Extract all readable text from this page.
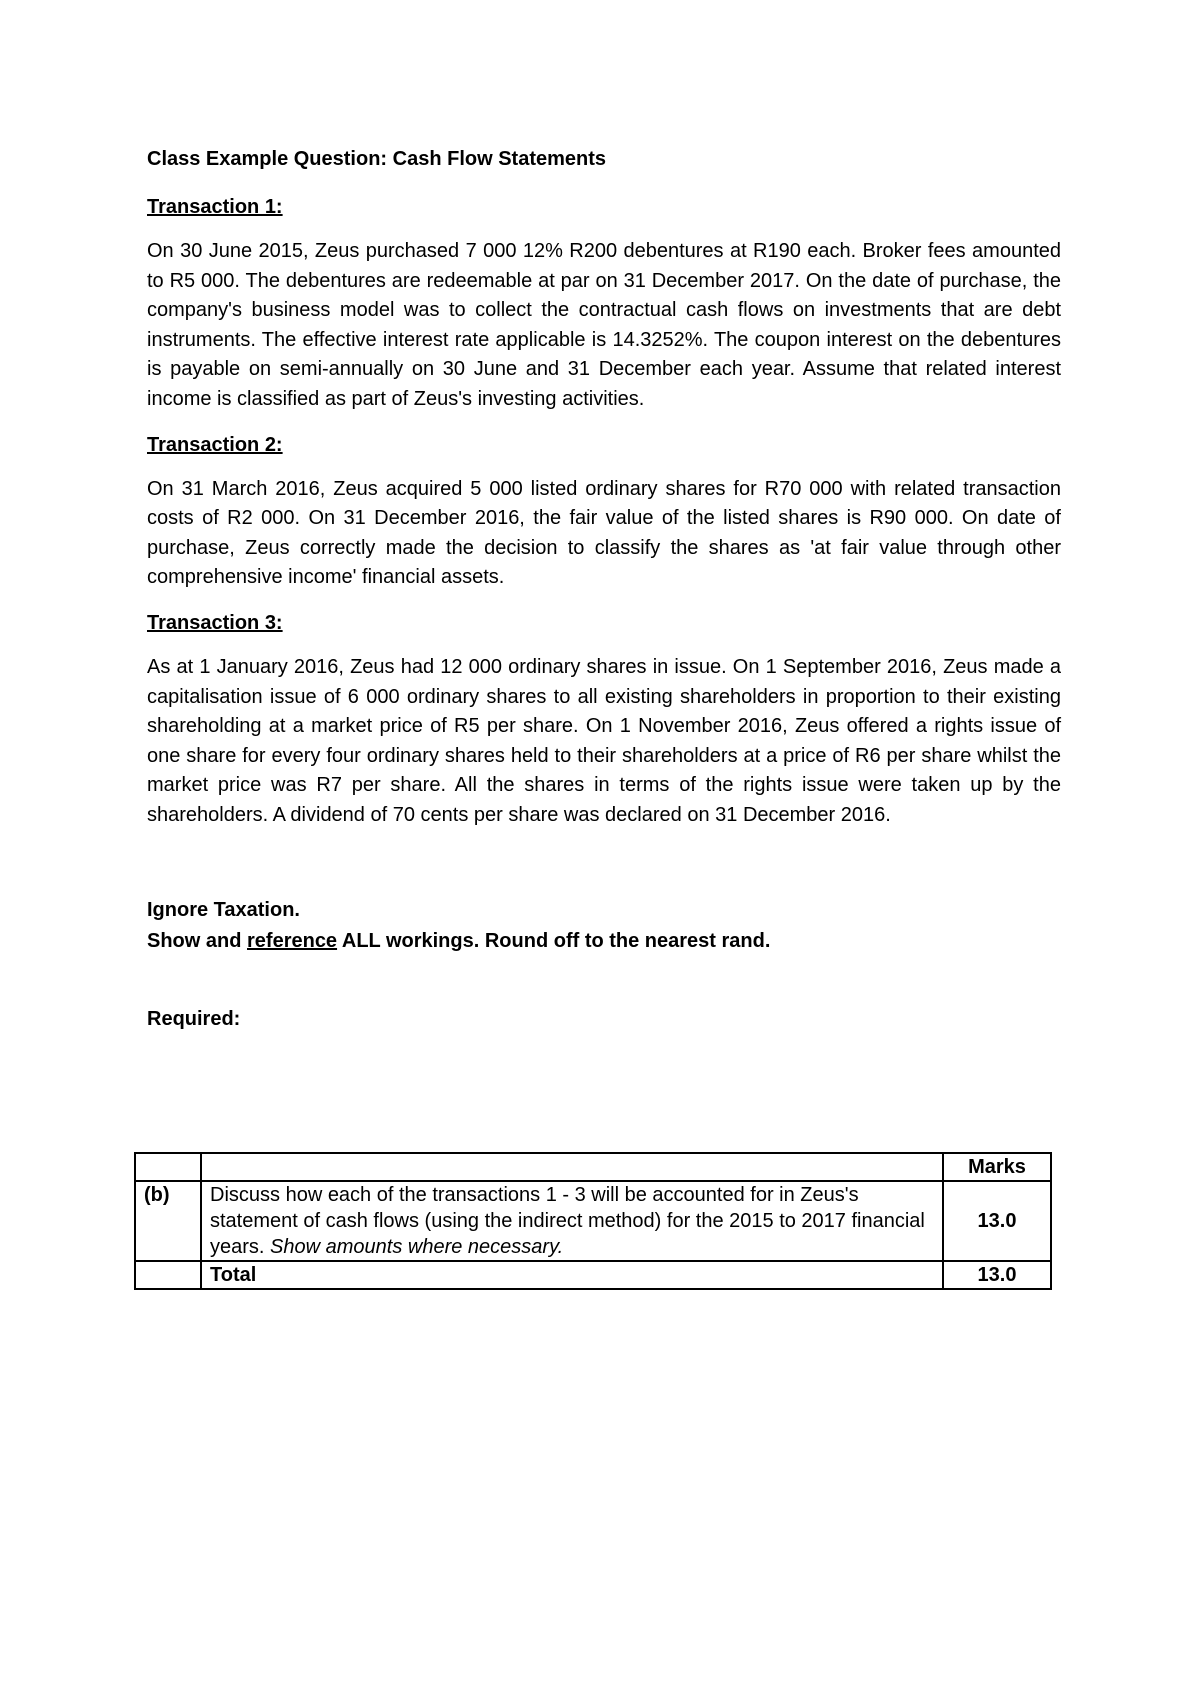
Class Example Question: Cash Flow Statements

Transaction 1:

On 30 June 2015, Zeus purchased 7 000 12% R200 debentures at R190 each. Broker fees amounted to R5 000. The debentures are redeemable at par on 31 December 2017. On the date of purchase, the company's business model was to collect the contractual cash flows on investments that are debt instruments. The effective interest rate applicable is 14.3252%. The coupon interest on the debentures is payable on semi-annually on 30 June and 31 December each year. Assume that related interest income is classified as part of Zeus's investing activities.

Transaction 2:

On 31 March 2016, Zeus acquired 5 000 listed ordinary shares for R70 000 with related transaction costs of R2 000. On 31 December 2016, the fair value of the listed shares is R90 000. On date of purchase, Zeus correctly made the decision to classify the shares as 'at fair value through other comprehensive income' financial assets.

Transaction 3:

As at 1 January 2016, Zeus had 12 000 ordinary shares in issue. On 1 September 2016, Zeus made a capitalisation issue of 6 000 ordinary shares to all existing shareholders in proportion to their existing shareholding at a market price of R5 per share. On 1 November 2016, Zeus offered a rights issue of one share for every four ordinary shares held to their shareholders at a price of R6 per share whilst the market price was R7 per share. All the shares in terms of the rights issue were taken up by the shareholders. A dividend of 70 cents per share was declared on 31 December 2016.

Ignore Taxation.

Show and reference ALL workings. Round off to the nearest rand.

Required:

		Marks
(b)	Discuss how each of the transactions 1 - 3 will be accounted for in Zeus's statement of cash flows (using the indirect method) for the 2015 to 2017 financial years. Show amounts where necessary.	13.0
	Total	13.0
